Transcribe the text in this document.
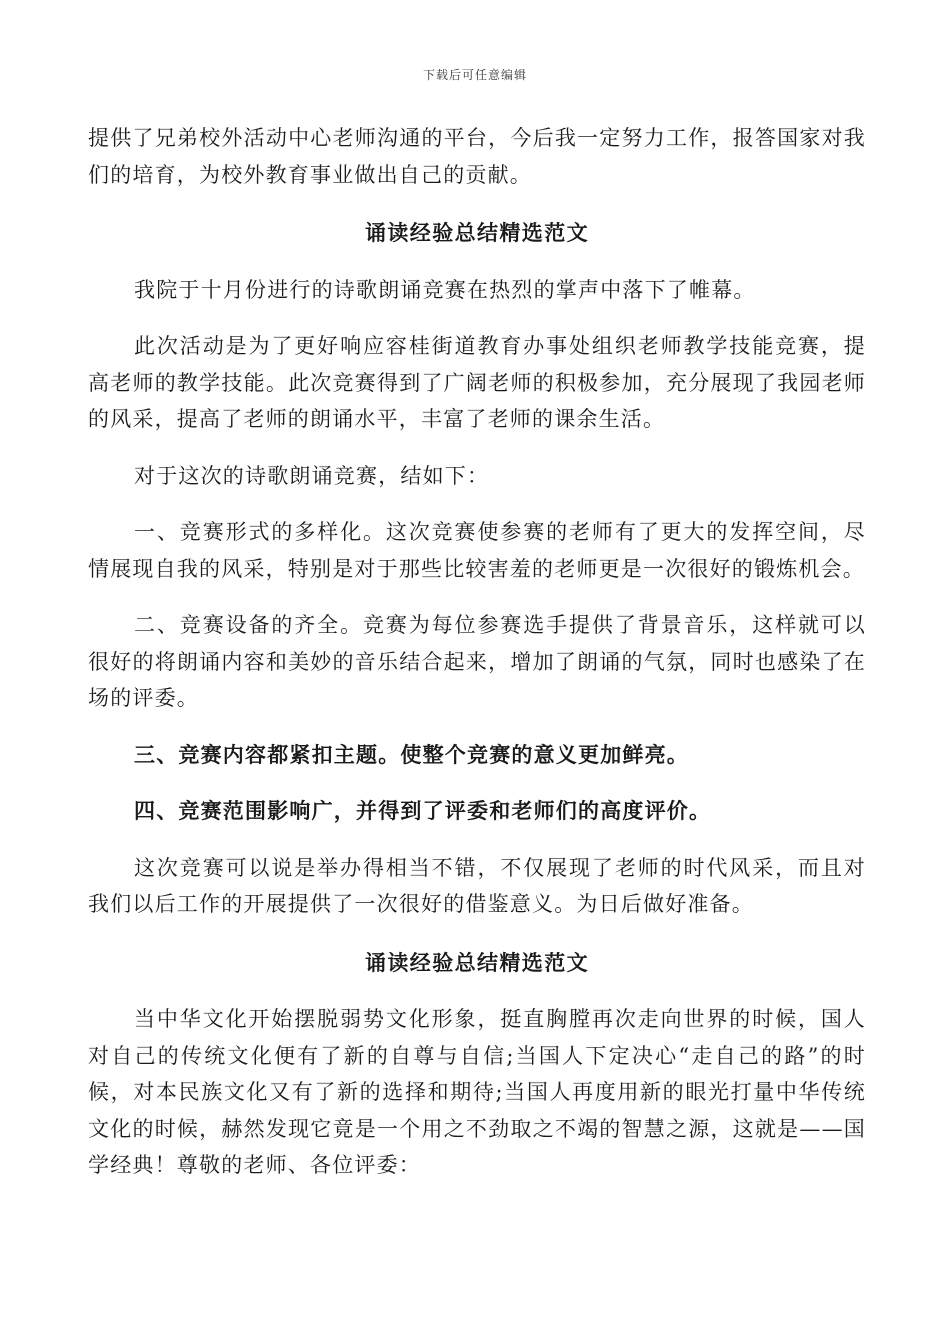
下载后可任意编辑

提供了兄弟校外活动中心老师沟通的平台，今后我一定努力工作，报答国家对我们的培育，为校外教育事业做出自己的贡献。

诵读经验总结精选范文

我院于十月份进行的诗歌朗诵竞赛在热烈的掌声中落下了帷幕。

此次活动是为了更好响应容桂街道教育办事处组织老师教学技能竞赛，提高老师的教学技能。此次竞赛得到了广阔老师的积极参加，充分展现了我园老师的风采，提高了老师的朗诵水平，丰富了老师的课余生活。

对于这次的诗歌朗诵竞赛，结如下：

一、竞赛形式的多样化。这次竞赛使参赛的老师有了更大的发挥空间，尽情展现自我的风采，特别是对于那些比较害羞的老师更是一次很好的锻炼机会。

二、竞赛设备的齐全。竞赛为每位参赛选手提供了背景音乐，这样就可以很好的将朗诵内容和美妙的音乐结合起来，增加了朗诵的气氛，同时也感染了在场的评委。

三、竞赛内容都紧扣主题。使整个竞赛的意义更加鲜亮。

四、竞赛范围影响广，并得到了评委和老师们的高度评价。

这次竞赛可以说是举办得相当不错，不仅展现了老师的时代风采，而且对我们以后工作的开展提供了一次很好的借鉴意义。为日后做好准备。

诵读经验总结精选范文

当中华文化开始摆脱弱势文化形象，挺直胸膛再次走向世界的时候，国人对自己的传统文化便有了新的自尊与自信;当国人下定决心“走自己的路”的时候，对本民族文化又有了新的选择和期待;当国人再度用新的眼光打量中华传统文化的时候，赫然发现它竟是一个用之不劲取之不竭的智慧之源，这就是——国学经典！尊敬的老师、各位评委：
